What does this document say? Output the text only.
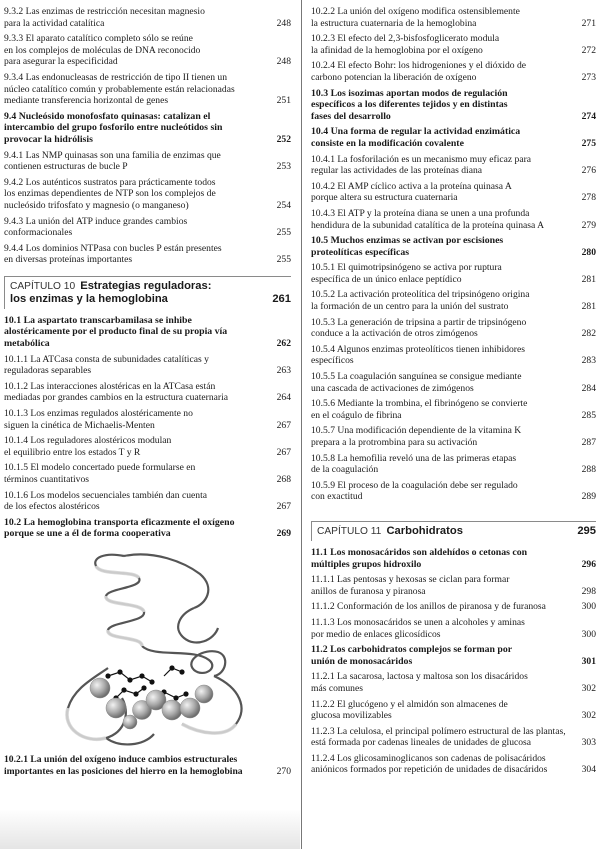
9.3.2 Las enzimas de restricción necesitan magnesio
para la actividad catalítica	248
9.3.3 El aparato catalítico completo sólo se reúne
en los complejos de moléculas de DNA reconocido
para asegurar la especificidad	248
9.3.4 Las endonucleasas de restricción de tipo II tienen un
núcleo catalítico común y probablemente están relacionadas
mediante transferencia horizontal de genes	251
9.4 Nucleósido monofosfato quinasas: catalizan el
intercambio del grupo fosforilo entre nucleótidos sin
provocar la hidrólisis	252
9.4.1 Las NMP quinasas son una familia de enzimas que
contienen estructuras de bucle P	253
9.4.2 Los auténticos sustratos para prácticamente todos
los enzimas dependientes de NTP son los complejos de
nucleósido trifosfato y magnesio (o manganeso)	254
9.4.3 La unión del ATP induce grandes cambios
conformacionales	255
9.4.4 Los dominios NTPasa con bucles P están presentes
en diversas proteínas importantes	255
CAPÍTULO 10 Estrategias reguladoras:
los enzimas y la hemoglobina	261
10.1 La aspartato transcarbamilasa se inhibe
alostéricamente por el producto final de su propia vía
metabólica	262
10.1.1 La ATCasa consta de subunidades catalíticas y
reguladoras separables	263
10.1.2 Las interacciones alostéricas en la ATCasa están
mediadas por grandes cambios en la estructura cuaternaria	264
10.1.3 Los enzimas regulados alostéricamente no
siguen la cinética de Michaelis-Menten	267
10.1.4 Los reguladores alostéricos modulan
el equilibrio entre los estados T y R	267
10.1.5 El modelo concertado puede formularse en
términos cuantitativos	268
10.1.6 Los modelos secuenciales también dan cuenta
de los efectos alostéricos	267
10.2 La hemoglobina transporta eficazmente el oxígeno
porque se une a él de forma cooperativa	269
10.2.1 La unión del oxígeno induce cambios estructurales
importantes en las posiciones del hierro en la hemoglobina	270
10.2.2 La unión del oxígeno modifica ostensiblemente
la estructura cuaternaria de la hemoglobina	271
10.2.3 El efecto del 2,3-bisfosfoglicerato modula
la afinidad de la hemoglobina por el oxígeno	272
10.2.4 El efecto Bohr: los hidrogeniones y el dióxido de
carbono potencian la liberación de oxígeno	273
10.3 Los isozimas aportan modos de regulación
específicos a los diferentes tejidos y en distintas
fases del desarrollo	274
10.4 Una forma de regular la actividad enzimática
consiste en la modificación covalente	275
10.4.1 La fosforilación es un mecanismo muy eficaz para
regular las actividades de las proteínas diana	276
10.4.2 El AMP cíclico activa a la proteína quinasa A
porque altera su estructura cuaternaria	278
10.4.3 El ATP y la proteína diana se unen a una profunda
hendidura de la subunidad catalítica de la proteína quinasa A	279
10.5 Muchos enzimas se activan por escisiones
proteolíticas específicas	280
10.5.1 El quimotripsinógeno se activa por ruptura
específica de un único enlace peptídico	281
10.5.2 La activación proteolítica del tripsinógeno origina
la formación de un centro para la unión del sustrato	281
10.5.3 La generación de tripsina a partir de tripsinógeno
conduce a la activación de otros zimógenos	282
10.5.4 Algunos enzimas proteolíticos tienen inhibidores
específicos	283
10.5.5 La coagulación sanguínea se consigue mediante
una cascada de activaciones de zimógenos	284
10.5.6 Mediante la trombina, el fibrinógeno se convierte
en el coágulo de fibrina	285
10.5.7 Una modificación dependiente de la vitamina K
prepara a la protrombina para su activación	287
10.5.8 La hemofilia reveló una de las primeras etapas
de la coagulación	288
10.5.9 El proceso de la coagulación debe ser regulado
con exactitud	289
CAPÍTULO 11 Carbohidratos	295
11.1 Los monosacáridos son aldehídos o cetonas con
múltiples grupos hidroxilo	296
11.1.1 Las pentosas y hexosas se ciclan para formar
anillos de furanosa y piranosa	298
11.1.2 Conformación de los anillos de piranosa y de furanosa	300
11.1.3 Los monosacáridos se unen a alcoholes y aminas
por medio de enlaces glicosídicos	300
11.2 Los carbohidratos complejos se forman por
unión de monosacáridos	301
11.2.1 La sacarosa, lactosa y maltosa son los disacáridos
más comunes	302
11.2.2 El glucógeno y el almidón son almacenes de
glucosa movilizables	302
11.2.3 La celulosa, el principal polímero estructural de las plantas,
está formada por cadenas lineales de unidades de glucosa	303
11.2.4 Los glicosaminoglicanos son cadenas de polisacáridos
aniónicos formados por repetición de unidades de disacáridos	304
